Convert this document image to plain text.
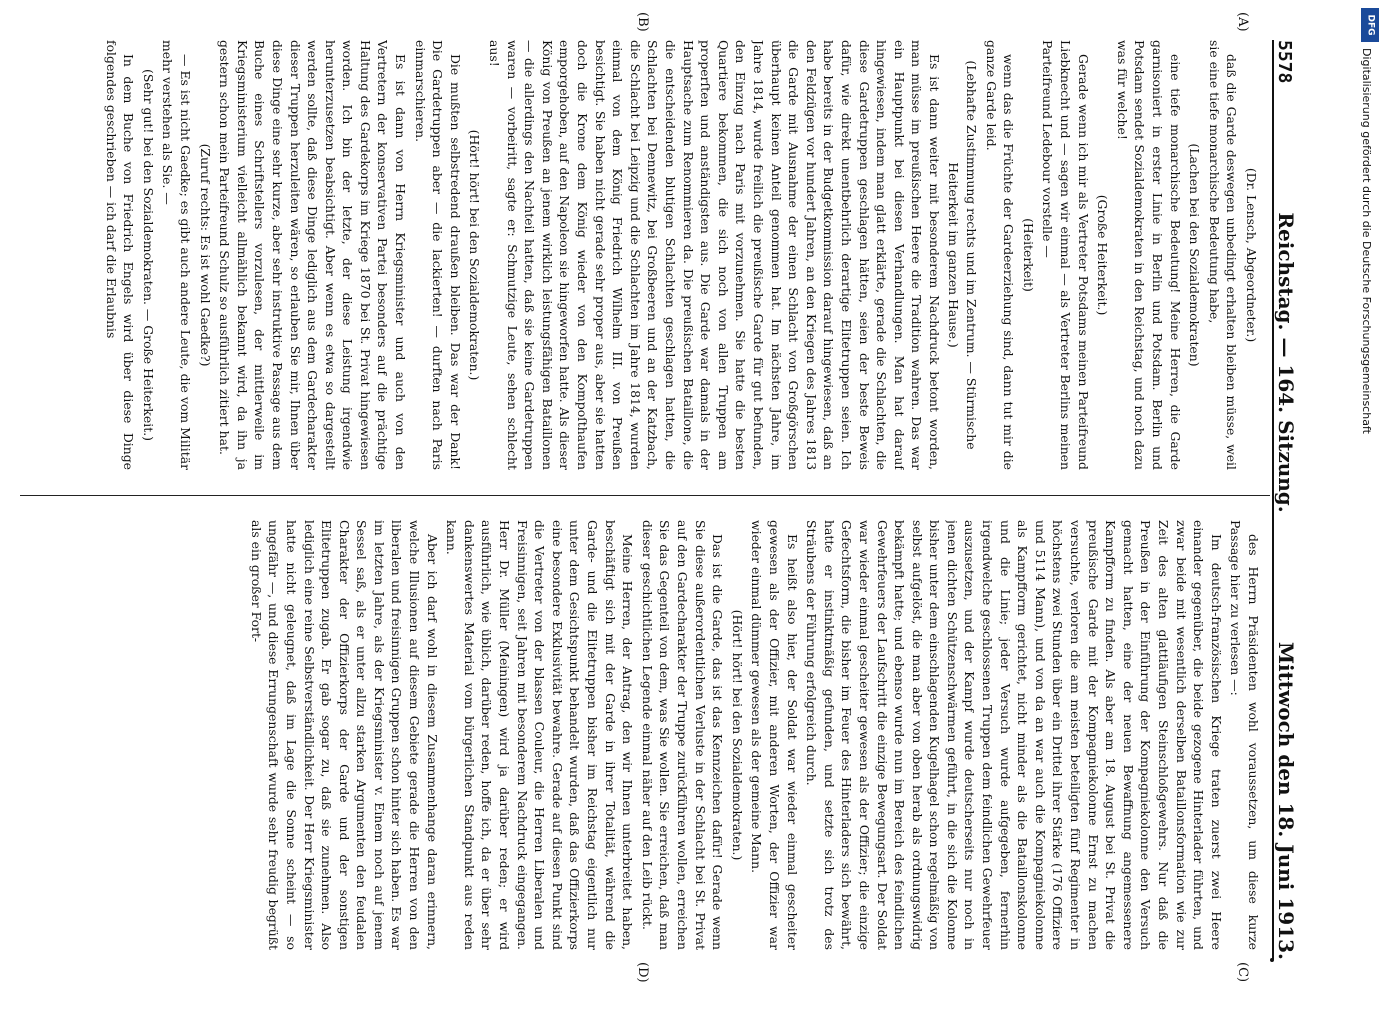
5578
Reichstag. — 164. Sitzung.
Mittwoch den 18. Juni 1913.
(A)
(B)
(C)
(D)

(Dr. Lensch, Abgeordneter.)

daß die Garde deswegen unbedingt erhalten bleiben müsse, weil sie eine tiefe monarchische Bedeutung habe,

(Lachen bei den Sozialdemokraten)

eine tiefe monarchische Bedeutung! Meine Herren, die Garde garnisoniert in erster Linie in Berlin und Potsdam. Berlin und Potsdam sendet Sozialdemokraten in den Reichstag, und noch dazu was für welche!

(Große Heiterkeit.)

Gerade wenn ich mir als Vertreter Potsdams meinen Parteifreund Liebknecht und — sagen wir einmal — als Vertreter Berlins meinen Parteifreund Ledebour vorstelle —

(Heiterkeit)

wenn das die Früchte der Gardeerziehung sind, dann tut mir die ganze Garde leid.

(Lebhafte Zustimmung rechts und im Zentrum. — Stürmische Heiterkeit im ganzen Hause.)

Es ist dann weiter mit besonderem Nachdruck betont worden, man müsse im preußischen Heere die Tradition wahren. Das war ein Hauptpunkt bei diesen Verhandlungen. Man hat darauf hingewiesen, indem man glatt erklärte, gerade die Schlachten, die diese Gardetruppen geschlagen hätten, seien der beste Beweis dafür, wie direkt unentbehrlich derartige Elitetruppen seien. Ich habe bereits in der Budgetkommission darauf hingewiesen, daß an den Feldzügen vor hundert Jahren, an den Kriegen des Jahres 1813 die Garde mit Ausnahme der einen Schlacht von Großgörschen überhaupt keinen Anteil genommen hat. Im nächsten Jahre, im Jahre 1814, wurde freilich die preußische Garde für gut befunden, den Einzug nach Paris mit vorzunehmen. Sie hatte die besten Quartiere bekommen, die sich noch von allen Truppen am properſten und anständigsten aus. Die Garde war damals in der Hauptsache zum Renommieren da. Die preußischen Bataillone, die die entscheidenden blutigen Schlachten geschlagen hatten, die Schlachten bei Dennewitz, bei Großbeeren und an der Katzbach, die Schlacht bei Leipzig und die Schlachten im Jahre 1814, wurden einmal von dem König Friedrich Wilhelm III. von Preußen besichtigt. Sie haben nicht gerade sehr proper aus, aber sie hatten doch die Krone dem König wieder von den Kompoſthaufen emporgehoben, auf den Napoleon sie hingeworfen hatte. Als dieser König von Preußen an jenem wirklich leistungsfähigen Bataillonen — die allerdings den Nachteil hatten, daß sie keine Gardetruppen waren — vorbeiritt, sagte er: Schmutzige Leute, sehen schlecht aus!

(Hört! hört! bei den Sozialdemokraten.)

Die mußten selbstredend draußen bleiben. Das war der Dank! Die Gardetruppen aber — die lackierten! — durften nach Paris einmarschieren.

Es ist dann von Herrn Kriegsminister und auch von den Vertretern der konservativen Partei besonders auf die prächtige Haltung des Gardekorps im Kriege 1870 bei St. Privat hingewiesen worden. Ich bin der letzte, der diese Leistung irgendwie herunterzusetzen beabsichtigt. Aber wenn es etwa so dargestellt werden sollte, daß diese Dinge lediglich aus dem Gardecharakter dieser Truppen herzuleiten wären, so erlauben Sie mir, Ihnen über diese Dinge eine sehr kurze, aber sehr instruktive Passage aus dem Buche eines Schriftstellers vorzulesen, der mittlerweile im Kriegsministerium vielleicht allmählich bekannt wird, da ihn ja gestern schon mein Parteifreund Schulz so ausführlich zitiert hat.

(Zuruf rechts: Es ist wohl Gaedke?)

— Es ist nicht Gaedke; es gibt auch andere Leute, die vom Militär mehr verstehen als Sie. —

(Sehr gut! bei den Sozialdemokraten. — Große Heiterkeit.)

In dem Buche von Friedrich Engels wird über diese Dinge folgendes geschrieben — ich darf die Erlaubnis

des Herrn Präsidenten wohl voraussetzen, um diese kurze Passage hier zu verlesen —:

Im deutsch-französischen Kriege traten zuerst zwei Heere einander gegenüber, die beide gezogene Hinterlader führten, und zwar beide mit wesentlich derselben Bataillonsformation wie zur Zeit des alten glattläufigen Steinschloßgewehrs. Nur daß die Preußen in der Einführung der Kompagniekolonne den Versuch gemacht hatten, eine der neuen Bewaffnung angemessenere Kampfform zu finden. Als aber am 18. August bei St. Privat die preußische Garde mit der Kompagniekolonne Ernst zu machen versuchte, verloren die am meisten beteiligten fünf Regimenter in höchstens zwei Stunden über ein Drittel ihrer Stärke (176 Offiziere und 5114 Mann), und von da an war auch die Kompagniekolonne als Kampfform gerichtet, nicht minder als die Bataillonskolonne und die Linie; jeder Versuch wurde aufgegeben, fernerhin irgendwelche geschlossenen Truppen dem feindlichen Gewehrfeuer auszusetzen, und der Kampf wurde deutscherseits nur noch in jenen dichten Schützenschwärmen geführt, in die sich die Kolonne bisher unter dem einschlagenden Kugelhagel schon regelmäßig von selbst aufgelöst, die man aber von oben herab als ordnungswidrig bekämpft hatte; und ebenso wurde nun im Bereich des feindlichen Gewehrfeuers der Laufschritt die einzige Bewegungsart. Der Soldat war wieder einmal gescheiter gewesen als der Offizier; die einzige Gefechtsform, die bisher im Feuer des Hinterladers sich bewährt, hatte er instinktmäßig gefunden, und setzte sich trotz des Sträubens der Führung erfolgreich durch.

Es heißt also hier, der Soldat war wieder einmal gescheiter gewesen als der Offizier, mit anderen Worten, der Offizier war wieder einmal dümmer gewesen als der gemeine Mann.

(Hört! hört! bei den Sozialdemokraten.)

Das ist die Garde, das ist das Kennzeichen dafür! Gerade wenn Sie diese außerordentlichen Verluste in der Schlacht bei St. Privat auf den Gardecharakter der Truppe zurückführen wollen, erreichen Sie das Gegenteil von dem, was Sie wollen. Sie erreichen, daß man dieser geschichtlichen Legende einmal näher auf den Leib rückt.

Meine Herren, der Antrag, den wir Ihnen unterbreitet haben, beschäftigt sich mit der Garde in ihrer Totalität, während die Garde- und die Elitetruppen bisher im Reichstag eigentlich nur unter dem Gesichtspunkt behandelt wurden, daß das Offizierkorps eine besondere Exklusivität bewahre. Gerade auf diesen Punkt sind die Vertreter von der blassen Couleur, die Herren Liberalen und Freisinnigen, seit Jahren mit besonderem Nachdruck eingegangen. Herr Dr. Müller (Meiningen) wird ja darüber reden; er wird ausführlich, wie üblich, darüber reden, hoffe ich, da er über sehr dankenswertes Material vom bürgerlichen Standpunkt aus reden kann.

Aber ich darf wohl in diesem Zusammenhange daran erinnern, welche Illusionen auf diesem Gebiete gerade die Herren von den liberalen und freisinnigen Gruppen schon hinter sich haben. Es war im letzten Jahre, als der Kriegsminister v. Einem noch auf jenem Sessel saß, als er unter allzu starken Argumenten den feudalen Charakter der Offizierkorps der Garde und der sonstigen Elitetruppen zugab. Er gab sogar zu, daß sie zunehmen. Also lediglich eine reine Selbstverständlichkeit. Der Herr Kriegsminister hatte nicht geleugnet, daß im Lage die Sonne scheint — so ungefähr —, und diese Errungenschaft wurde sehr freudig begrüßt als ein großer Fort-

DFG
Digitalisierung gefördert durch die Deutsche Forschungsgemeinschaft
